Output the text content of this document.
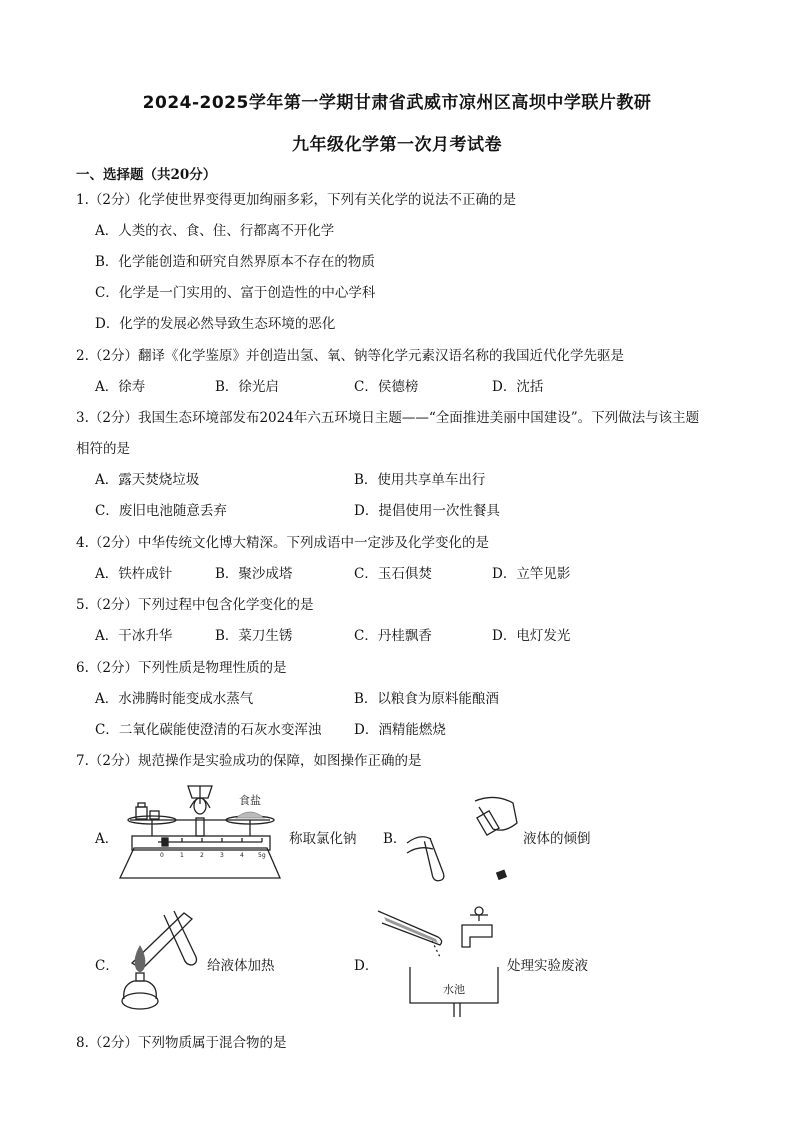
2024-2025学年第一学期甘肃省武威市凉州区高坝中学联片教研
九年级化学第一次月考试卷
一、选择题（共20分）
1.（2分）化学使世界变得更加绚丽多彩，下列有关化学的说法不正确的是
A．人类的衣、食、住、行都离不开化学
B．化学能创造和研究自然界原本不存在的物质
C．化学是一门实用的、富于创造性的中心学科
D．化学的发展必然导致生态环境的恶化
2.（2分）翻译《化学鉴原》并创造出氢、氧、钠等化学元素汉语名称的我国近代化学先驱是
A．徐寿	B．徐光启	C．侯德榜	D．沈括
3.（2分）我国生态环境部发布2024年六五环境日主题——“全面推进美丽中国建设”。下列做法与该主题
相符的是
A．露天焚烧垃圾	B．使用共享单车出行
C．废旧电池随意丢弃	D．提倡使用一次性餐具
4.（2分）中华传统文化博大精深。下列成语中一定涉及化学变化的是
A．铁杵成针	B．聚沙成塔	C．玉石俱焚	D．立竿见影
5.（2分）下列过程中包含化学变化的是
A．干冰升华	B．菜刀生锈	C．丹桂飘香	D．电灯发光
6.（2分）下列性质是物理性质的是
A．水沸腾时能变成水蒸气	B．以粮食为原料能酿酒
C．二氧化碳能使澄清的石灰水变浑浊 D．酒精能燃烧
7.（2分）规范操作是实验成功的保障，如图操作正确的是
A．
0	1	2	3	4 5g
食盐
称取氯化钠 B．	液体的倾倒
C．	给液体加热	D．
水池
处理实验废液
8.（2分）下列物质属于混合物的是
